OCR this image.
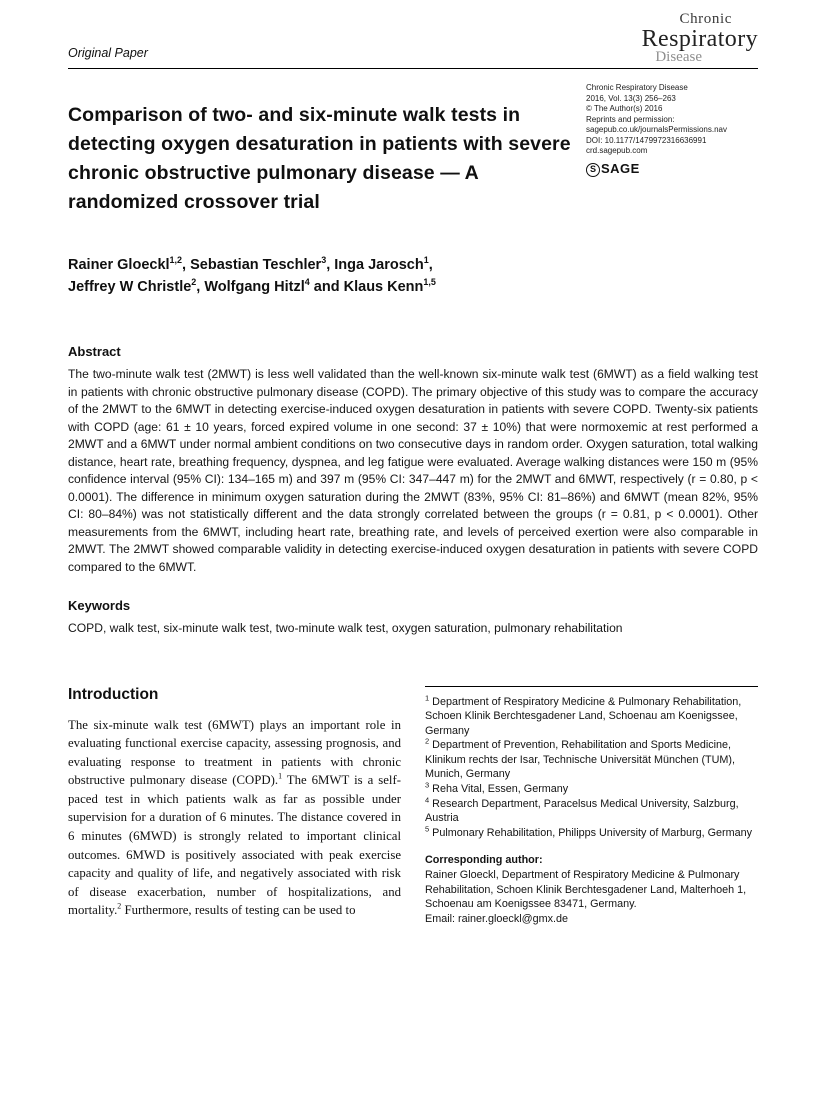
Original Paper
Chronic
Respiratory
Disease
Comparison of two- and six-minute walk tests in detecting oxygen desaturation in patients with severe chronic obstructive pulmonary disease — A randomized crossover trial

Rainer Gloeckl$^{1,2}$, Sebastian Teschler$^3$, Inga Jarosch$^1$,
Jeffrey W Christle$^2$, Wolfgang Hitzl$^4$ and Klaus Kenn$^{1,5}$

Chronic Respiratory Disease
2016, Vol. 13(3) 256–263
© The Author(s) 2016
Reprints and permission:
sagepub.co.uk/journalsPermissions.nav
DOI: 10.1177/1479972316636991
crd.sagepub.com
S SAGE
Abstract

The two-minute walk test (2MWT) is less well validated than the well-known six-minute walk test (6MWT) as a field walking test in patients with chronic obstructive pulmonary disease (COPD). The primary objective of this study was to compare the accuracy of the 2MWT to the 6MWT in detecting exercise-induced oxygen desaturation in patients with severe COPD. Twenty-six patients with COPD (age: 61 ± 10 years, forced expired volume in one second: 37 ± 10%) that were normoxemic at rest performed a 2MWT and a 6MWT under normal ambient conditions on two consecutive days in random order. Oxygen saturation, total walking distance, heart rate, breathing frequency, dyspnea, and leg fatigue were evaluated. Average walking distances were 150 m (95% confidence interval (95% CI): 134–165 m) and 397 m (95% CI: 347–447 m) for the 2MWT and 6MWT, respectively (r = 0.80, p < 0.0001). The difference in minimum oxygen saturation during the 2MWT (83%, 95% CI: 81–86%) and 6MWT (mean 82%, 95% CI: 80–84%) was not statistically different and the data strongly correlated between the groups (r = 0.81, p < 0.0001). Other measurements from the 6MWT, including heart rate, breathing rate, and levels of perceived exertion were also comparable in 2MWT. The 2MWT showed comparable validity in detecting exercise-induced oxygen desaturation in patients with severe COPD compared to the 6MWT.

Keywords

COPD, walk test, six-minute walk test, two-minute walk test, oxygen saturation, pulmonary rehabilitation

Introduction

The six-minute walk test (6MWT) plays an important role in evaluating functional exercise capacity, assessing prognosis, and evaluating response to treatment in patients with chronic obstructive pulmonary disease (COPD).$^1$ The 6MWT is a self-paced test in which patients walk as far as possible under supervision for a duration of 6 minutes. The distance covered in 6 minutes (6MWD) is strongly related to important clinical outcomes. 6MWD is positively associated with peak exercise capacity and quality of life, and negatively associated with risk of disease exacerbation, number of hospitalizations, and mortality.$^2$ Furthermore, results of testing can be used to

$^1$ Department of Respiratory Medicine & Pulmonary Rehabilitation, Schoen Klinik Berchtesgadener Land, Schoenau am Koenigssee, Germany
$^2$ Department of Prevention, Rehabilitation and Sports Medicine, Klinikum rechts der Isar, Technische Universität München (TUM), Munich, Germany
$^3$ Reha Vital, Essen, Germany
$^4$ Research Department, Paracelsus Medical University, Salzburg, Austria
$^5$ Pulmonary Rehabilitation, Philipps University of Marburg, Germany
Corresponding author:
Rainer Gloeckl, Department of Respiratory Medicine & Pulmonary Rehabilitation, Schoen Klinik Berchtesgadener Land, Malterhoeh 1, Schoenau am Koenigssee 83471, Germany.
Email: rainer.gloeckl@gmx.de
